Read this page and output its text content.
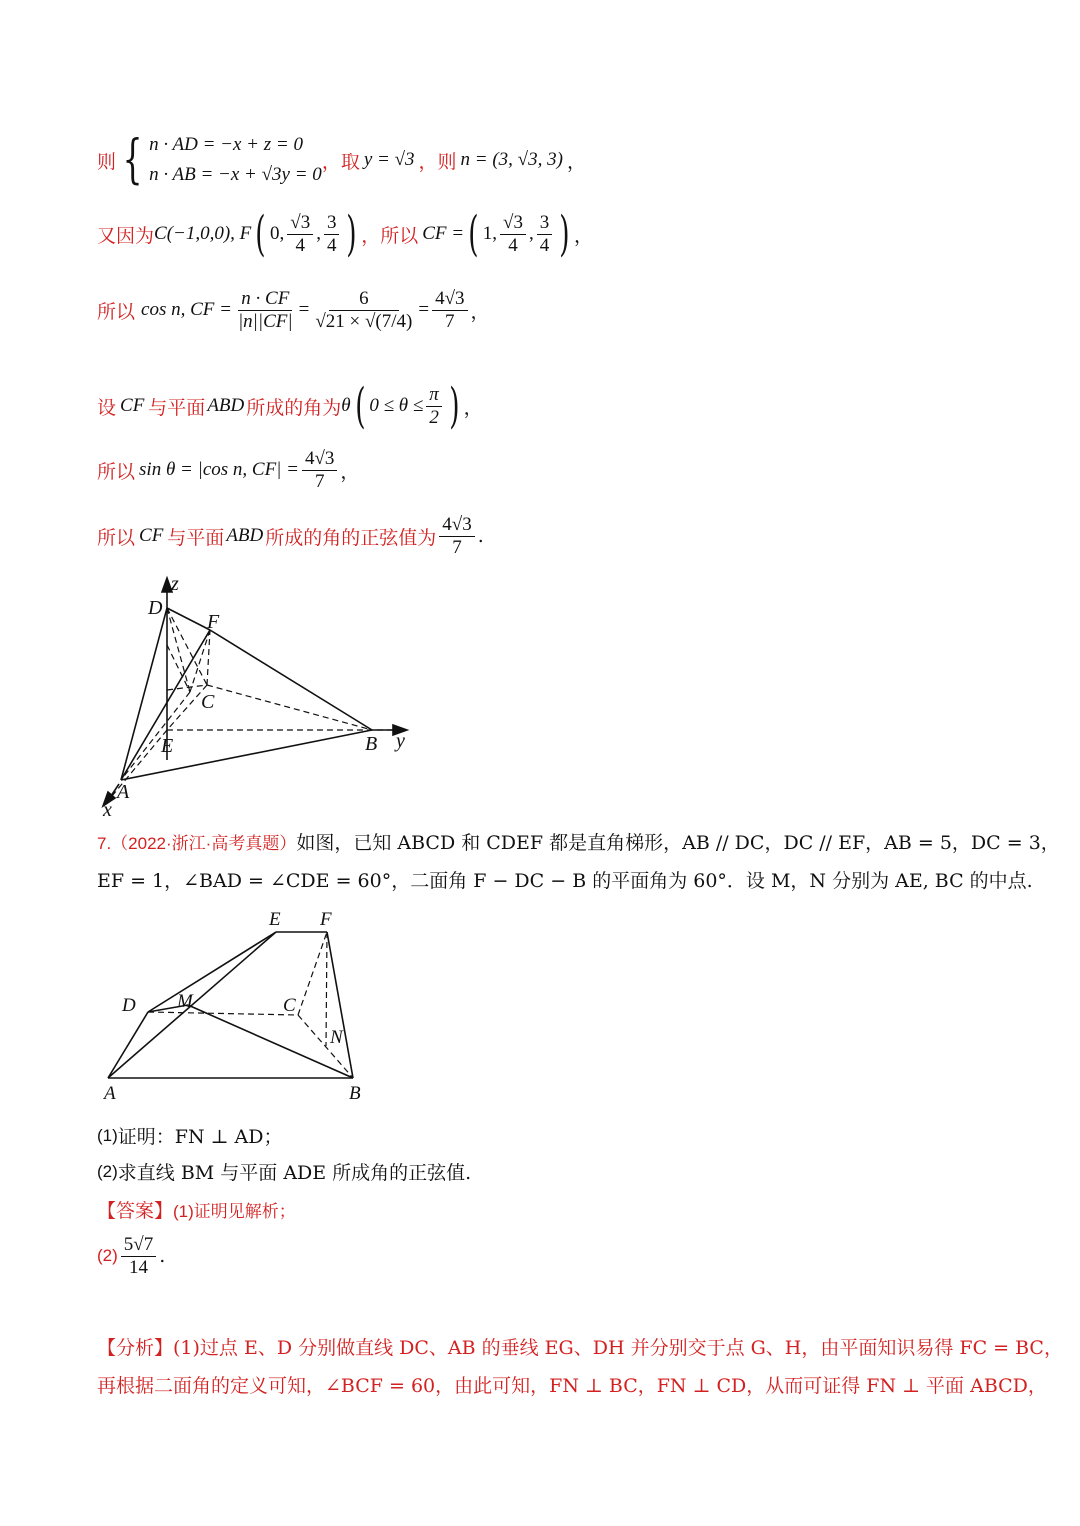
则 { n · AD = −x + z = 0
n · AB = −x + √3y = 0
，取 y = √3 ，则 n = (3, √3, 3) ，
又因为 C(−1,0,0), F ( 0, $\frac{√3}{4}$ , $\frac{3}{4}$ ) ，所以 CF = ( 1, $\frac{√3}{4}$ , $\frac{3}{4}$ ) ，
所以 cos n, CF = $\frac{n \cdot CF}{|n||CF|} = \frac{6}{√21 \times √(7/4)} = \frac{4√3}{7}$ ，
设 CF 与平面 ABD 所成的角为 θ ( $0 \le \theta \le \frac{\pi}{2}$ ) ，
所以 sin θ = |cos n, $CF| = \frac{4√3}{7}$ ，
所以 CF 与平面 ABD 所成的角的正弦值为 $\frac{4√3}{7}$ .
z
D
F
C
E	B y
A
x
7.（2022·浙江·高考真题） 如图，已知 ABCD 和 CDEF 都是直角梯形，AB // DC，DC // EF，AB = 5，DC = 3，
EF = 1，∠BAD = ∠CDE = 60°，二面角 F − DC − B 的平面角为 60°．设 M，N 分别为 AE, BC 的中点.
E F
D M	C
N
A	B
(1) 证明：FN ⊥ AD；
(2) 求直线 BM 与平面 ADE 所成角的正弦值.
【答案】 (1)证明见解析；
$(2) \frac{5√7}{14}$ .
【分析】 (1)过点 E、D 分别做直线 DC、AB 的垂线 EG、DH 并分别交于点 G、H，由平面知识易得 FC = BC，
再根据二面角的定义可知，∠BCF = 60，由此可知，FN ⊥ BC，FN ⊥ CD，从而可证得 FN ⊥ 平面 ABCD，
